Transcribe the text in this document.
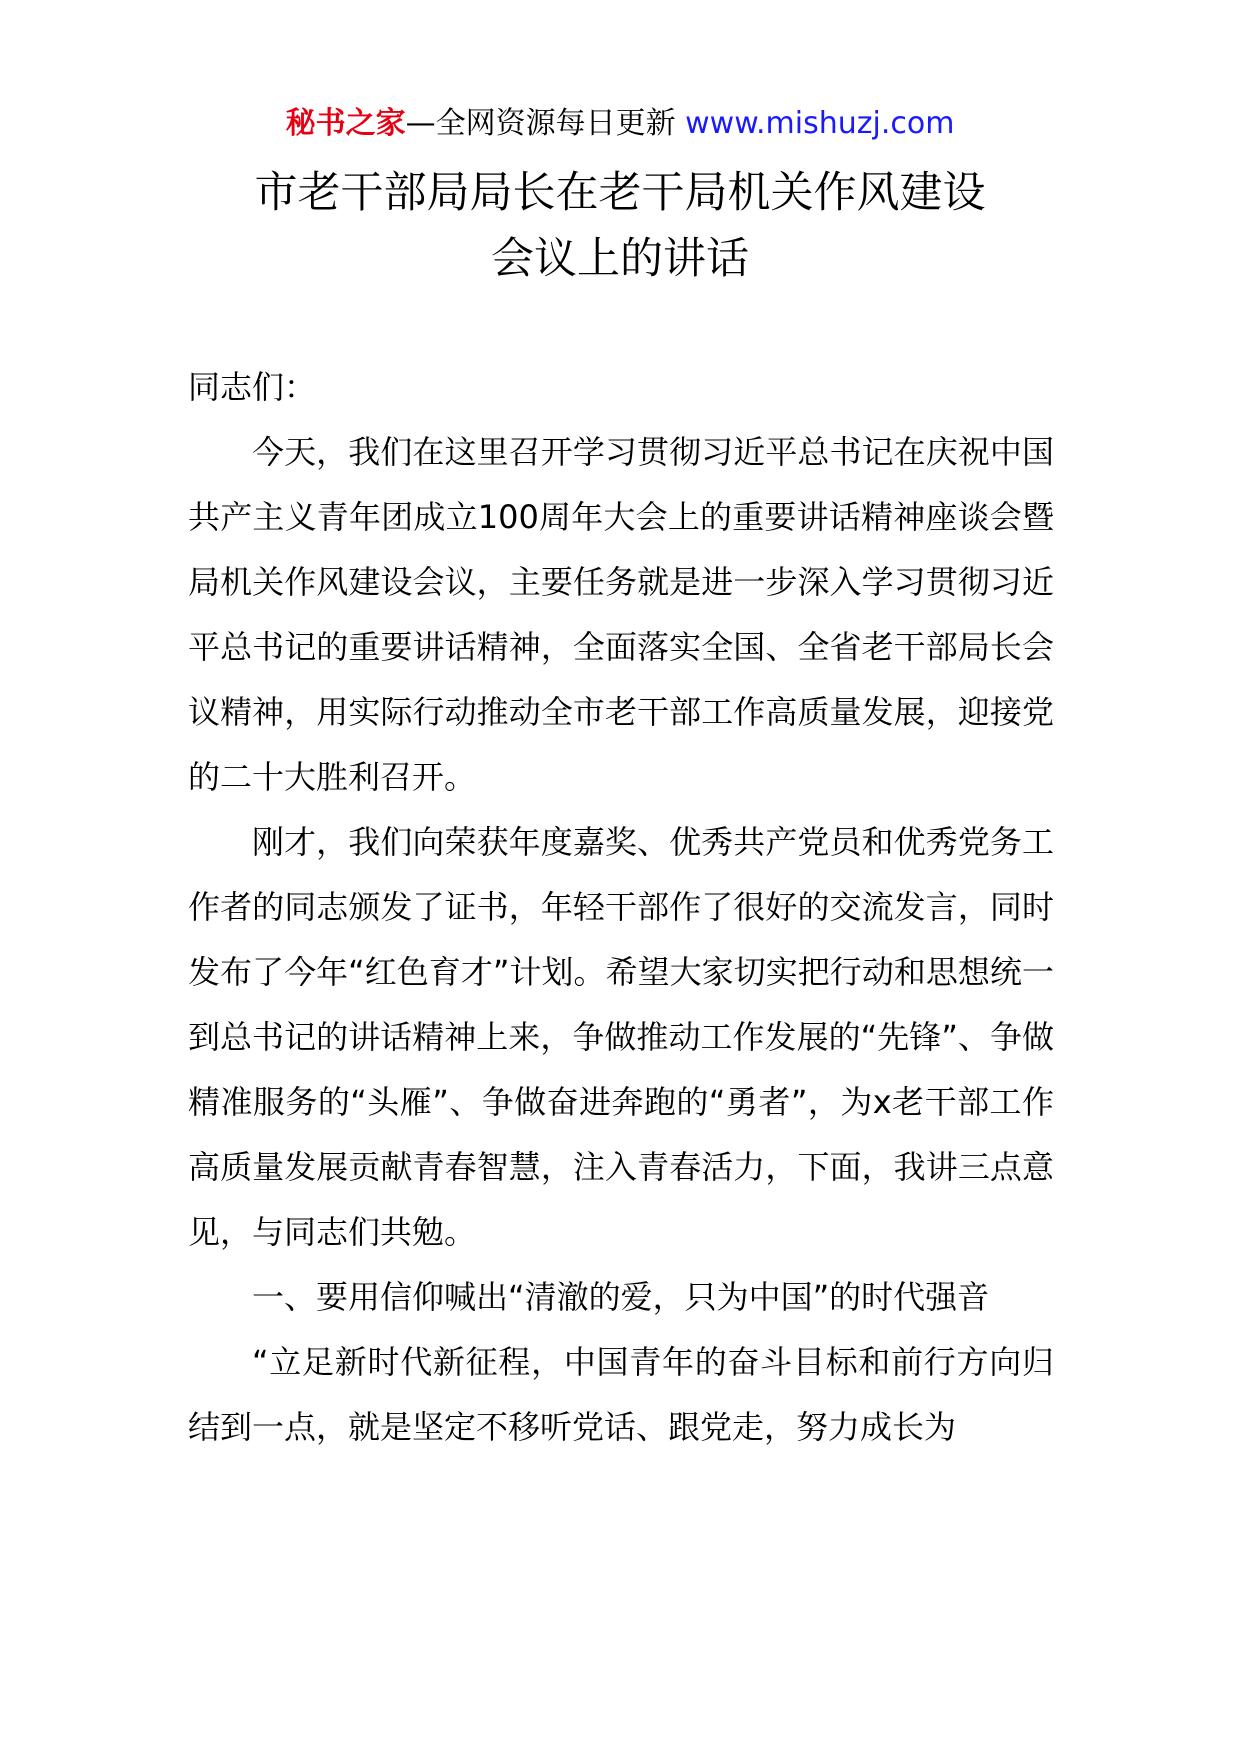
秘书之家—全网资源每日更新 www.mishuzj.com
市老干部局局长在老干局机关作风建设
会议上的讲话

同志们：

今天，我们在这里召开学习贯彻习近平总书记在庆祝中国共产主义青年团成立100周年大会上的重要讲话精神座谈会暨局机关作风建设会议，主要任务就是进一步深入学习贯彻习近平总书记的重要讲话精神，全面落实全国、全省老干部局长会议精神，用实际行动推动全市老干部工作高质量发展，迎接党的二十大胜利召开。

刚才，我们向荣获年度嘉奖、优秀共产党员和优秀党务工作者的同志颁发了证书，年轻干部作了很好的交流发言，同时发布了今年“红色育才”计划。希望大家切实把行动和思想统一到总书记的讲话精神上来，争做推动工作发展的“先锋”、争做精准服务的“头雁”、争做奋进奔跑的“勇者”，为x老干部工作高质量发展贡献青春智慧，注入青春活力，下面，我讲三点意见，与同志们共勉。

一、要用信仰喊出“清澈的爱，只为中国”的时代强音

“立足新时代新征程，中国青年的奋斗目标和前行方向归结到一点，就是坚定不移听党话、跟党走，努力成长为
